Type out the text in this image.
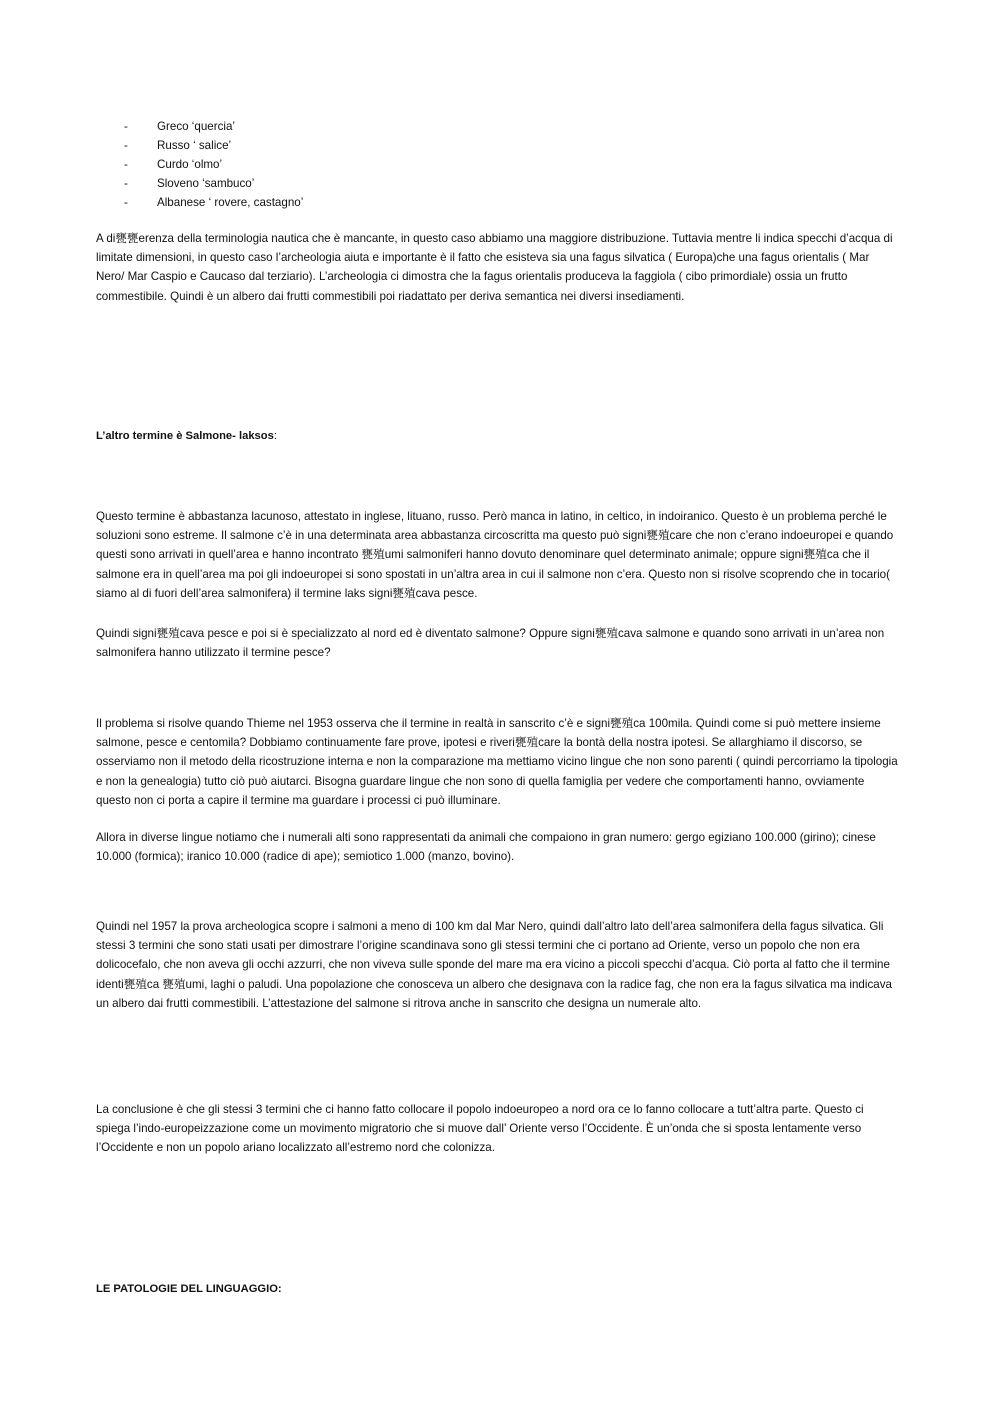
-	Greco ‘quercia’
-	Russo ‘ salice’
-	Curdo ‘olmo’
-	Sloveno ‘sambuco’
-	Albanese ‘ rovere, castagno’

A di甕甕erenza della terminologia nautica che è mancante, in questo caso abbiamo una maggiore distribuzione. Tuttavia mentre li indica specchi d’acqua di limitate dimensioni, in questo caso l’archeologia aiuta e importante è il fatto che esisteva sia una fagus silvatica ( Europa)che una fagus orientalis ( Mar Nero/ Mar Caspio e Caucaso dal terziario). L’archeologia ci dimostra che la fagus orientalis produceva la faggiola ( cibo primordiale) ossia un frutto commestibile. Quindi è un albero dai frutti commestibili poi riadattato per deriva semantica nei diversi insediamenti.

L’altro termine è Salmone- laksos:

Questo termine è abbastanza lacunoso, attestato in inglese, lituano, russo. Però manca in latino, in celtico, in indoiranico. Questo è un problema perché le soluzioni sono estreme. Il salmone c’è in una determinata area abbastanza circoscritta ma questo può signi甕殖care che non c’erano indoeuropei e quando questi sono arrivati in quell’area e hanno incontrato 甕殖umi salmoniferi hanno dovuto denominare quel determinato animale; oppure signi甕殖ca che il salmone era in quell’area ma poi gli indoeuropei si sono spostati in un’altra area in cui il salmone non c’era. Questo non si risolve scoprendo che in tocario( siamo al di fuori dell’area salmonifera) il termine laks signi甕殖cava pesce.

Quindi signi甕殖cava pesce e poi si è specializzato al nord ed è diventato salmone? Oppure signi甕殖cava salmone e quando sono arrivati in un’area non salmonifera hanno utilizzato il termine pesce?

Il problema si risolve quando Thieme nel 1953 osserva che il termine in realtà in sanscrito c’è e signi甕殖ca 100mila. Quindi come si può mettere insieme salmone, pesce e centomila? Dobbiamo continuamente fare prove, ipotesi e riveri甕殖care la bontà della nostra ipotesi. Se allarghiamo il discorso, se osserviamo non il metodo della ricostruzione interna e non la comparazione ma mettiamo vicino lingue che non sono parenti ( quindi percorriamo la tipologia e non la genealogia) tutto ciò può aiutarci. Bisogna guardare lingue che non sono di quella famiglia per vedere che comportamenti hanno, ovviamente questo non ci porta a capire il termine ma guardare i processi ci può illuminare.

Allora in diverse lingue notiamo che i numerali alti sono rappresentati da animali che compaiono in gran numero: gergo egiziano 100.000 (girino); cinese 10.000 (formica); iranico 10.000 (radice di ape); semiotico 1.000 (manzo, bovino).

Quindi nel 1957 la prova archeologica scopre i salmoni a meno di 100 km dal Mar Nero, quindi dall’altro lato dell’area salmonifera della fagus silvatica. Gli stessi 3 termini che sono stati usati per dimostrare l’origine scandinava sono gli stessi termini che ci portano ad Oriente, verso un popolo che non era dolicocefalo, che non aveva gli occhi azzurri, che non viveva sulle sponde del mare ma era vicino a piccoli specchi d’acqua. Ciò porta al fatto che il termine identi甕殖ca 甕殖umi, laghi o paludi. Una popolazione che conosceva un albero che designava con la radice fag, che non era la fagus silvatica ma indicava un albero dai frutti commestibili. L’attestazione del salmone si ritrova anche in sanscrito che designa un numerale alto.

La conclusione è che gli stessi 3 termini che ci hanno fatto collocare il popolo indoeuropeo a nord ora ce lo fanno collocare a tutt’altra parte. Questo ci spiega l’indo-europeizzazione come un movimento migratorio che si muove dall’ Oriente verso l’Occidente. È un’onda che si sposta lentamente verso l’Occidente e non un popolo ariano localizzato all’estremo nord che colonizza.

LE PATOLOGIE DEL LINGUAGGIO:
